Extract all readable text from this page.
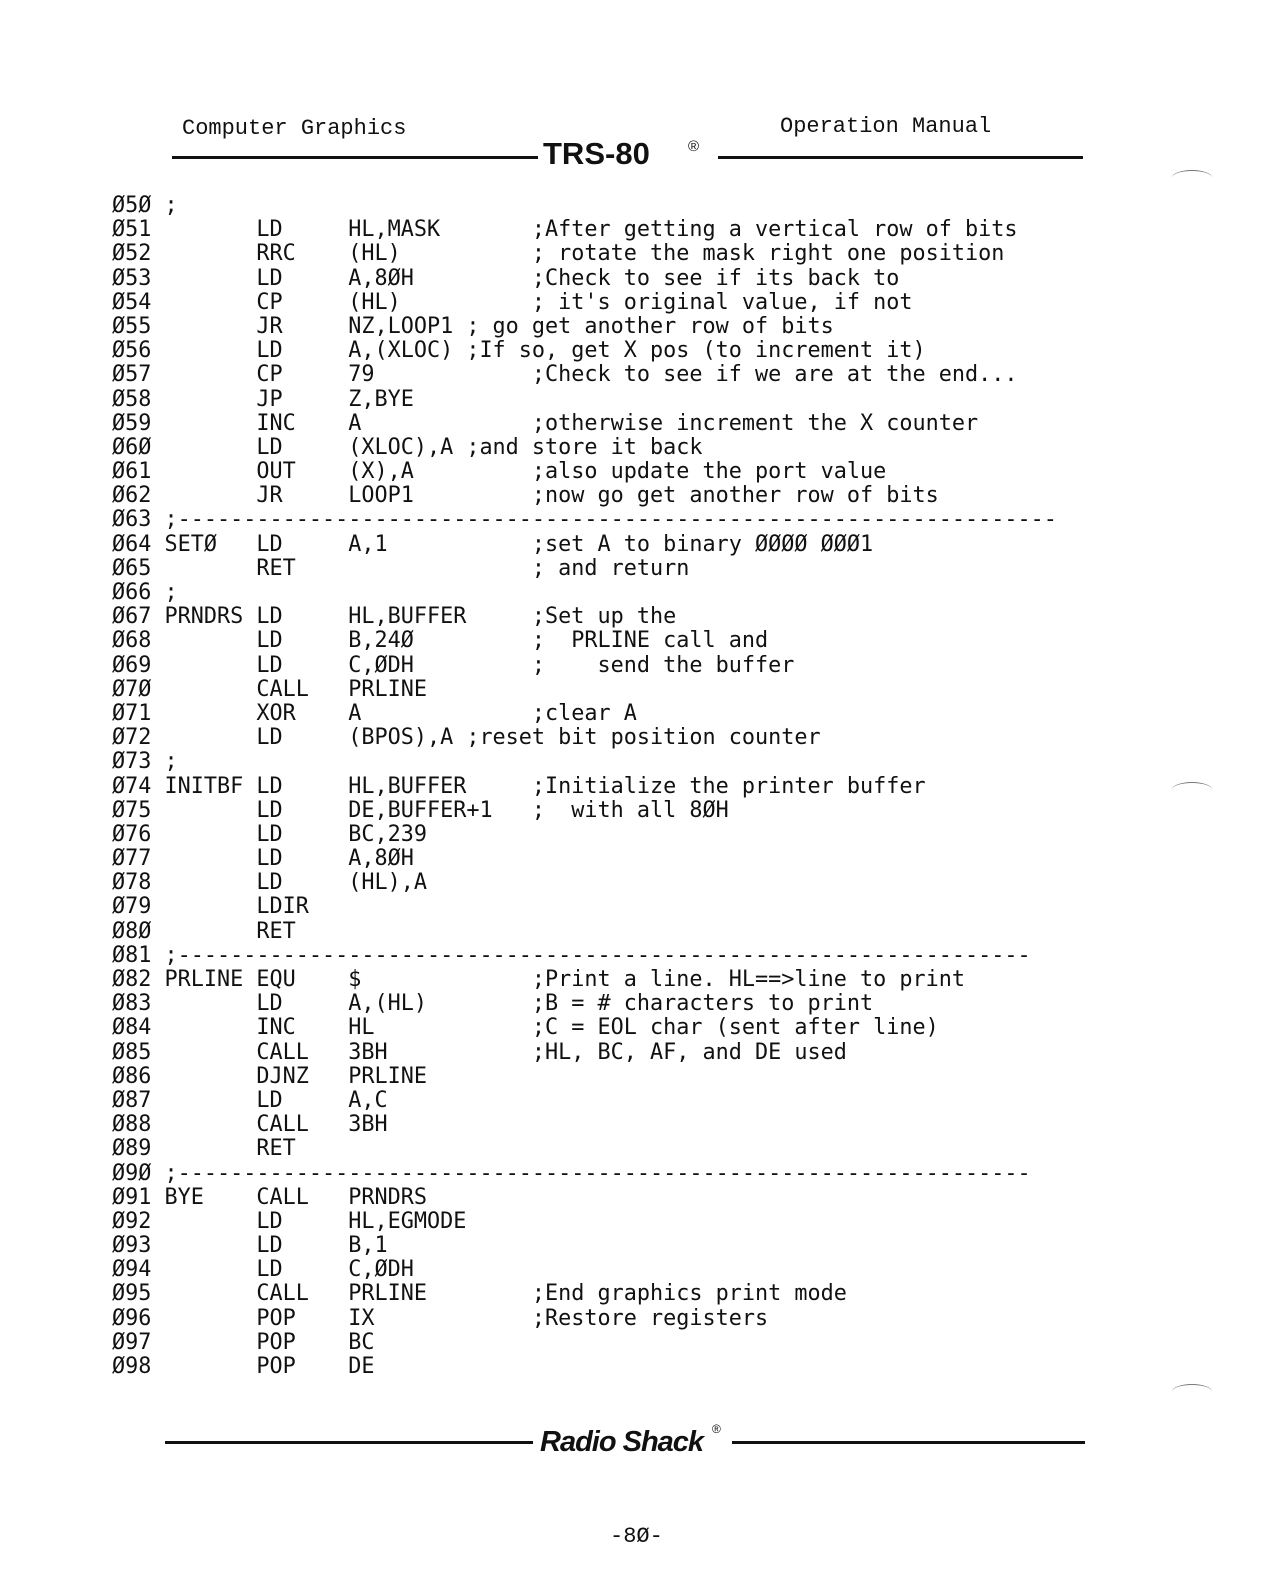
Computer Graphics	Operation Manual
TRS-80	®
Ø5Ø ;
Ø51        LD     HL,MASK       ;After getting a vertical row of bits
Ø52        RRC    (HL)          ; rotate the mask right one position
Ø53        LD     A,8ØH         ;Check to see if its back to
Ø54        CP     (HL)          ; it's original value, if not
Ø55        JR     NZ,LOOP1 ; go get another row of bits
Ø56        LD     A,(XLOC) ;If so, get X pos (to increment it)
Ø57        CP     79            ;Check to see if we are at the end...
Ø58        JP     Z,BYE
Ø59        INC    A             ;otherwise increment the X counter
Ø6Ø        LD     (XLOC),A ;and store it back
Ø61        OUT    (X),A         ;also update the port value
Ø62        JR     LOOP1         ;now go get another row of bits
Ø63 ;-------------------------------------------------------------------
Ø64 SETØ   LD     A,1           ;set A to binary ØØØØ ØØØ1
Ø65        RET                  ; and return
Ø66 ;
Ø67 PRNDRS LD     HL,BUFFER     ;Set up the
Ø68        LD     B,24Ø         ;  PRLINE call and
Ø69        LD     C,ØDH         ;    send the buffer
Ø7Ø        CALL   PRLINE
Ø71        XOR    A             ;clear A
Ø72        LD     (BPOS),A ;reset bit position counter
Ø73 ;
Ø74 INITBF LD     HL,BUFFER     ;Initialize the printer buffer
Ø75        LD     DE,BUFFER+1   ;  with all 8ØH
Ø76        LD     BC,239
Ø77        LD     A,8ØH
Ø78        LD     (HL),A
Ø79        LDIR
Ø8Ø        RET
Ø81 ;-----------------------------------------------------------------
Ø82 PRLINE EQU    $             ;Print a line. HL==>line to print
Ø83        LD     A,(HL)        ;B = # characters to print
Ø84        INC    HL            ;C = EOL char (sent after line)
Ø85        CALL   3BH           ;HL, BC, AF, and DE used
Ø86        DJNZ   PRLINE
Ø87        LD     A,C
Ø88        CALL   3BH
Ø89        RET
Ø9Ø ;-----------------------------------------------------------------
Ø91 BYE    CALL   PRNDRS
Ø92        LD     HL,EGMODE
Ø93        LD     B,1
Ø94        LD     C,ØDH
Ø95        CALL   PRLINE        ;End graphics print mode
Ø96        POP    IX            ;Restore registers
Ø97        POP    BC
Ø98        POP    DE
Radio Shack ®
-8Ø-
